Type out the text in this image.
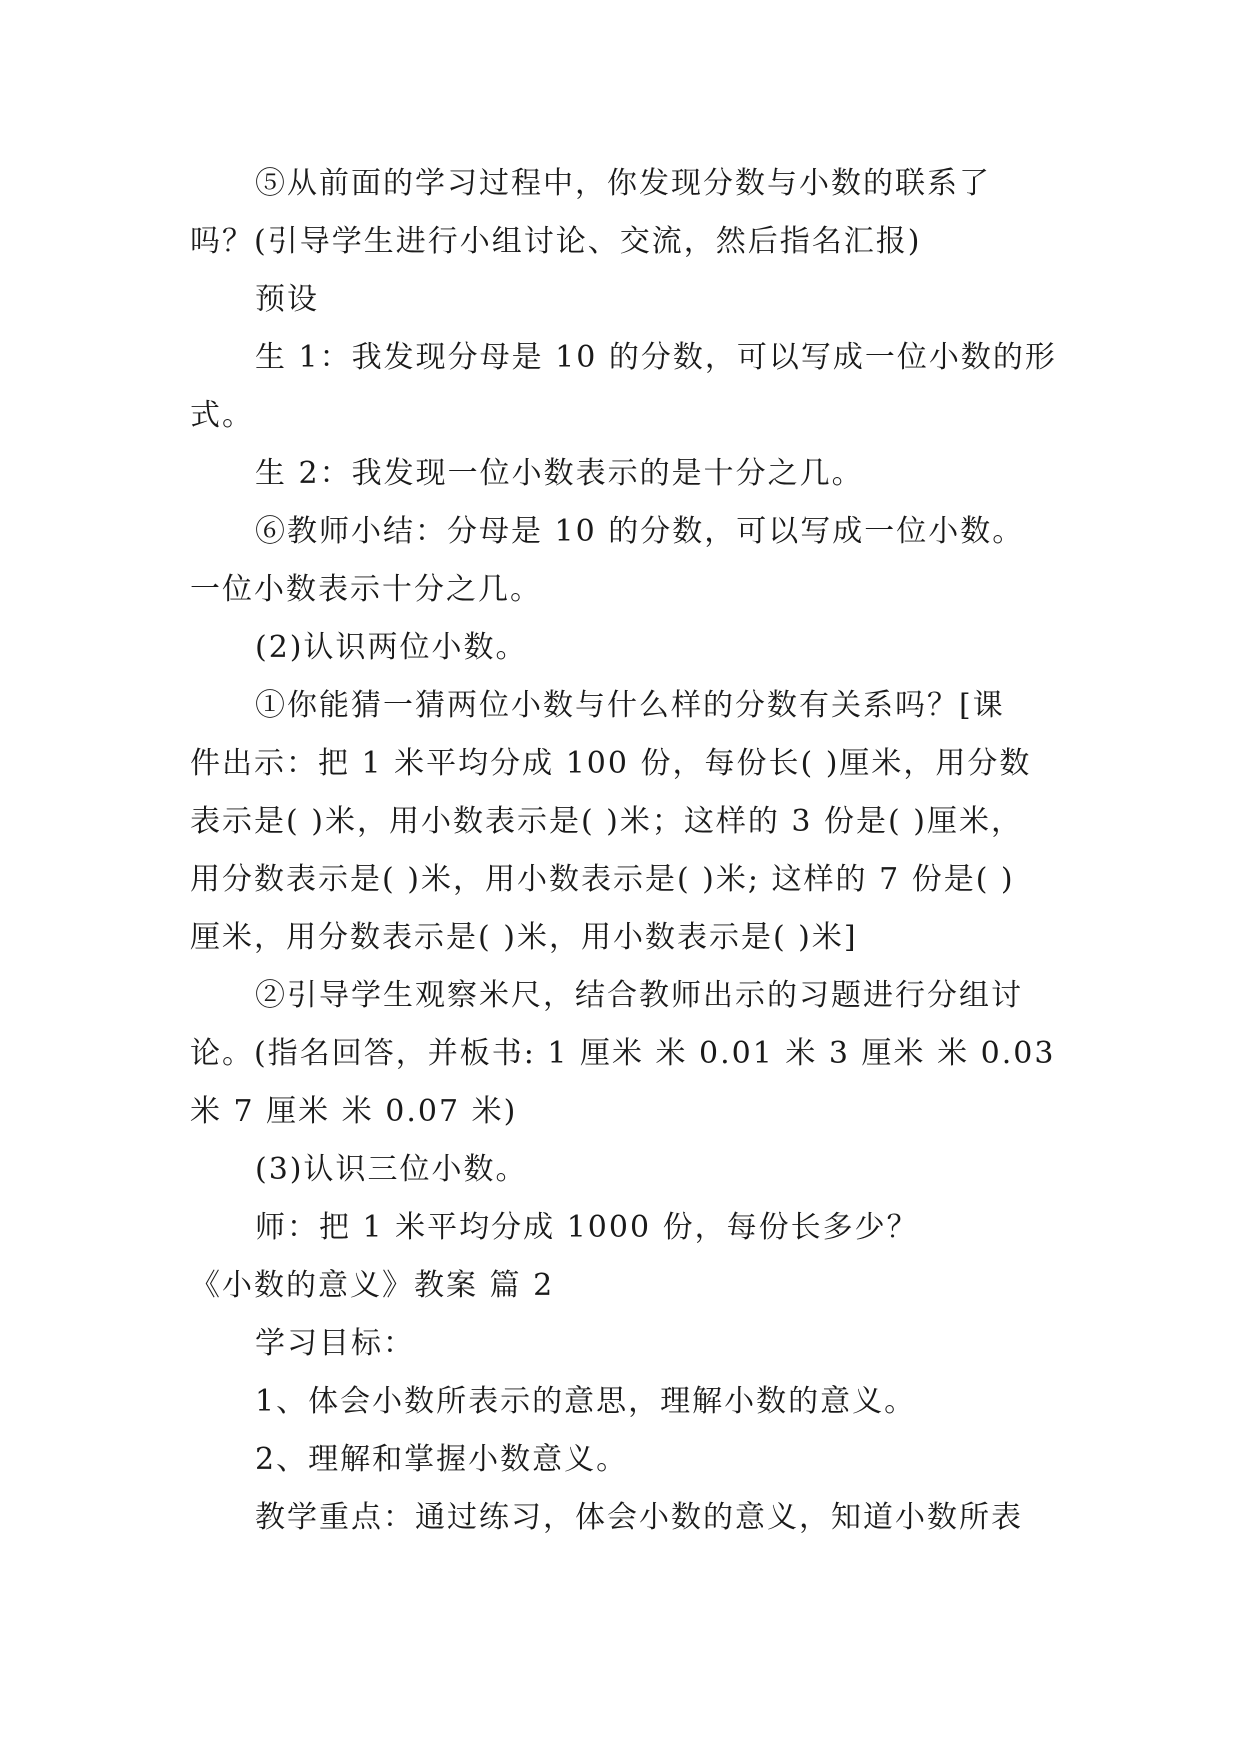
⑤从前面的学习过程中，你发现分数与小数的联系了
吗？(引导学生进行小组讨论、交流，然后指名汇报)
预设
生 1：我发现分母是 10 的分数，可以写成一位小数的形
式。
生 2：我发现一位小数表示的是十分之几。
⑥教师小结：分母是 10 的分数，可以写成一位小数。
一位小数表示十分之几。
(2)认识两位小数。
①你能猜一猜两位小数与什么样的分数有关系吗？[课
件出示：把 1 米平均分成 100 份，每份长( )厘米，用分数
表示是( )米，用小数表示是( )米；这样的 3 份是( )厘米，
用分数表示是( )米，用小数表示是( )米; 这样的 7 份是( )
厘米，用分数表示是( )米，用小数表示是( )米]
②引导学生观察米尺，结合教师出示的习题进行分组讨
论。(指名回答，并板书: 1 厘米 米 0.01 米 3 厘米 米 0.03
米 7 厘米 米 0.07 米)
(3)认识三位小数。
师：把 1 米平均分成 1000 份，每份长多少？
《小数的意义》教案 篇 2
学习目标：
1、体会小数所表示的意思，理解小数的意义。
2、理解和掌握小数意义。
教学重点：通过练习，体会小数的意义，知道小数所表
